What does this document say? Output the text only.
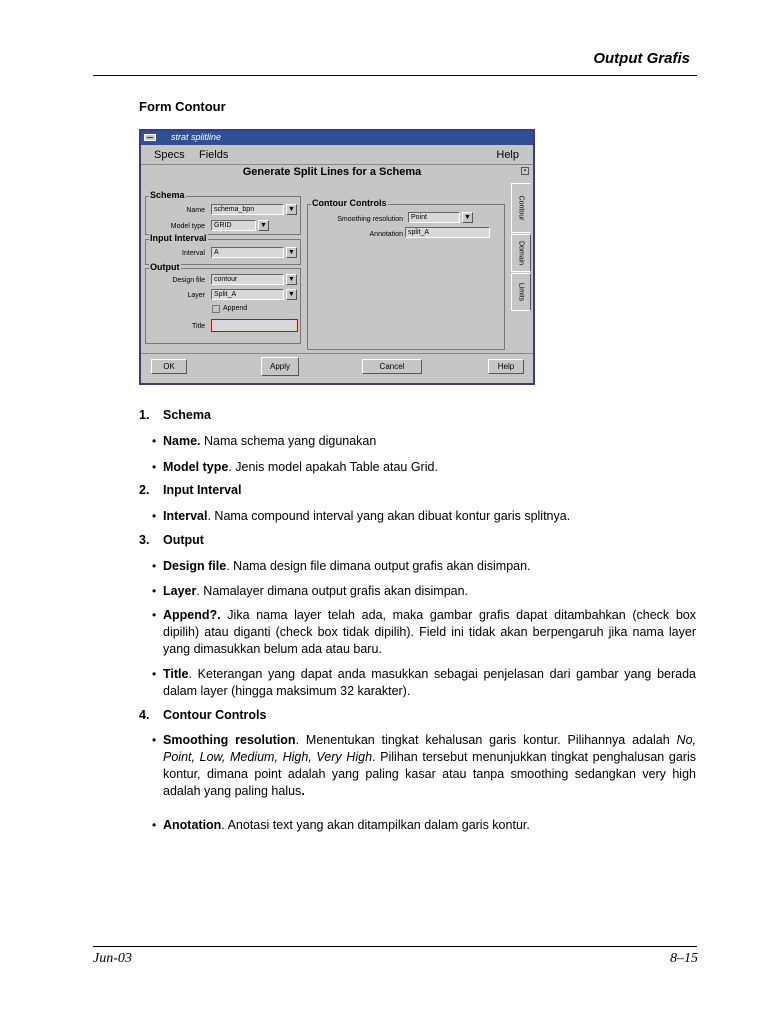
Output Grafis
Form Contour
strat splitline
Specs Fields	Help
Generate Split Lines for a Schema	▪
Schema
Name	schema_bpn	▼
Model type	GRID	▼
Input Interval
Interval	A	▼
Output
Design file	contour	▼
Layer	Split_A	▼
Append
Title
Contour Controls
Smoothing resolution	Point	▼
Annotation split_A
Contour
Domain
Limits
OK	Apply	Cancel	Help
1.	Schema
• Name. Nama schema yang digunakan

• Model type. Jenis model apakah Table atau Grid.

2.	Input Interval
• Interval. Nama compound interval yang akan dibuat kontur garis splitnya.

3.	Output
• Design file. Nama design file dimana output grafis akan disimpan.

• Layer. Namalayer dimana output grafis akan disimpan.

• Append?. Jika nama layer telah ada, maka gambar grafis dapat ditambahkan (check box dipilih) atau diganti (check box tidak dipilih). Field ini tidak akan berpengaruh jika nama layer yang dimasukkan belum ada atau baru.

• Title. Keterangan yang dapat anda masukkan sebagai penjelasan dari gambar yang berada dalam layer (hingga maksimum 32 karakter).

4.	Contour Controls
• Smoothing resolution. Menentukan tingkat kehalusan garis kontur. Pilihannya adalah No, Point, Low, Medium, High, Very High. Pilihan tersebut menunjukkan tingkat penghalusan garis kontur, dimana point adalah yang paling kasar atau tanpa smoothing sedangkan very high adalah yang paling halus.

• Anotation. Anotasi text yang akan ditampilkan dalam garis kontur.

Jun-03	8–15
